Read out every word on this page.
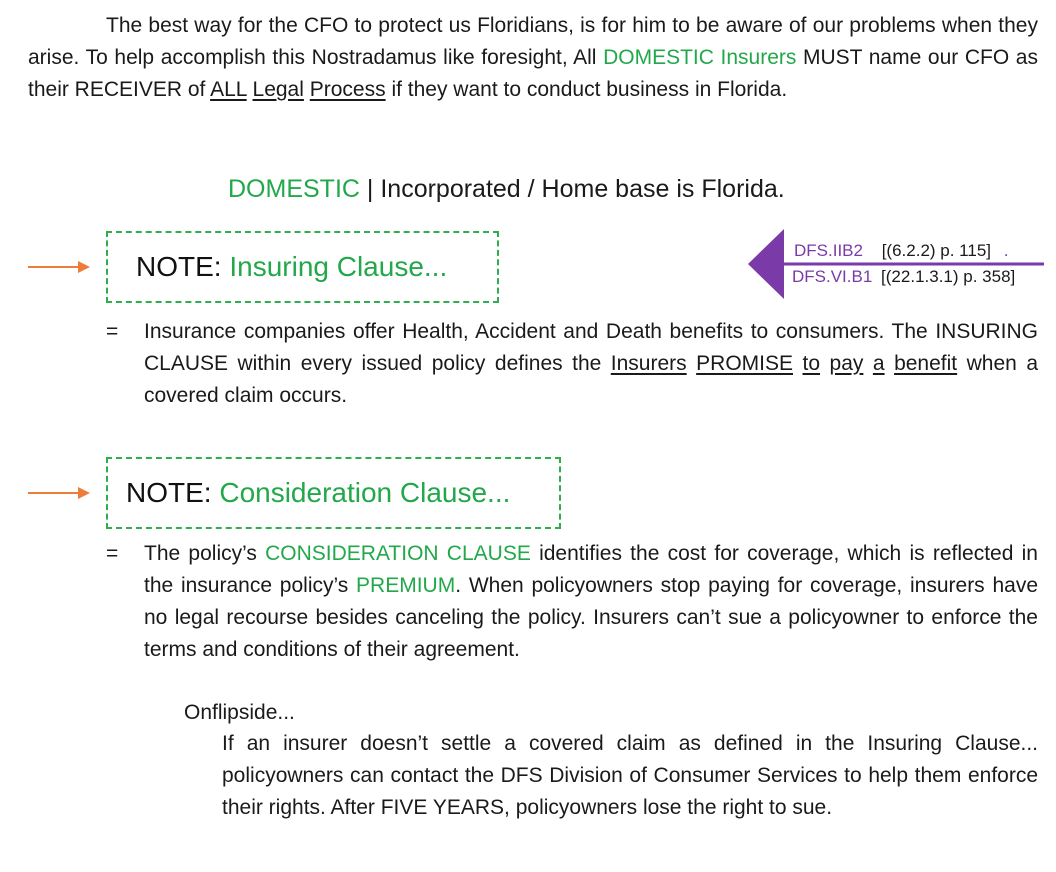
The best way for the CFO to protect us Floridians, is for him to be aware of our problems when they arise. To help accomplish this Nostradamus like foresight, All DOMESTIC Insurers MUST name our CFO as their RECEIVER of ALL Legal Process if they want to conduct business in Florida.
DOMESTIC | Incorporated / Home base is Florida.
NOTE: Insuring Clause...
DFS.IIB2 [(6.2.2) p. 115] .
DFS.VI.B1 [(22.1.3.1) p. 358]
= Insurance companies offer Health, Accident and Death benefits to consumers. The INSURING CLAUSE within every issued policy defines the Insurers PROMISE to pay a benefit when a covered claim occurs.
NOTE: Consideration Clause...
= The policy’s CONSIDERATION CLAUSE identifies the cost for coverage, which is reflected in the insurance policy’s PREMIUM. When policyowners stop paying for coverage, insurers have no legal recourse besides canceling the policy. Insurers can’t sue a policyowner to enforce the terms and conditions of their agreement.
Onflipside...
If an insurer doesn’t settle a covered claim as defined in the Insuring Clause... policyowners can contact the DFS Division of Consumer Services to help them enforce their rights. After FIVE YEARS, policyowners lose the right to sue.
